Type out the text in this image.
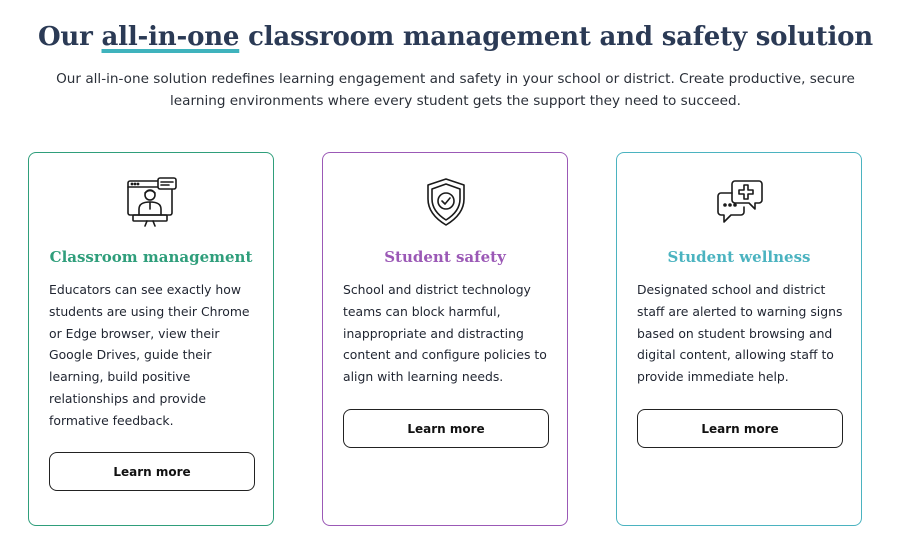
Our all-in-one classroom management and safety solution

Our all-in-one solution redefines learning engagement and safety in your school or district. Create productive, secure learning environments where every student gets the support they need to succeed.

Classroom management

Educators can see exactly how students are using their Chrome or Edge browser, view their Google Drives, guide their learning, build positive relationships and provide formative feedback.

Learn more
Student safety

School and district technology teams can block harmful, inappropriate and distracting content and configure policies to align with learning needs.

Learn more
Student wellness

Designated school and district staff are alerted to warning signs based on student browsing and digital content, allowing staff to provide immediate help.

Learn more
